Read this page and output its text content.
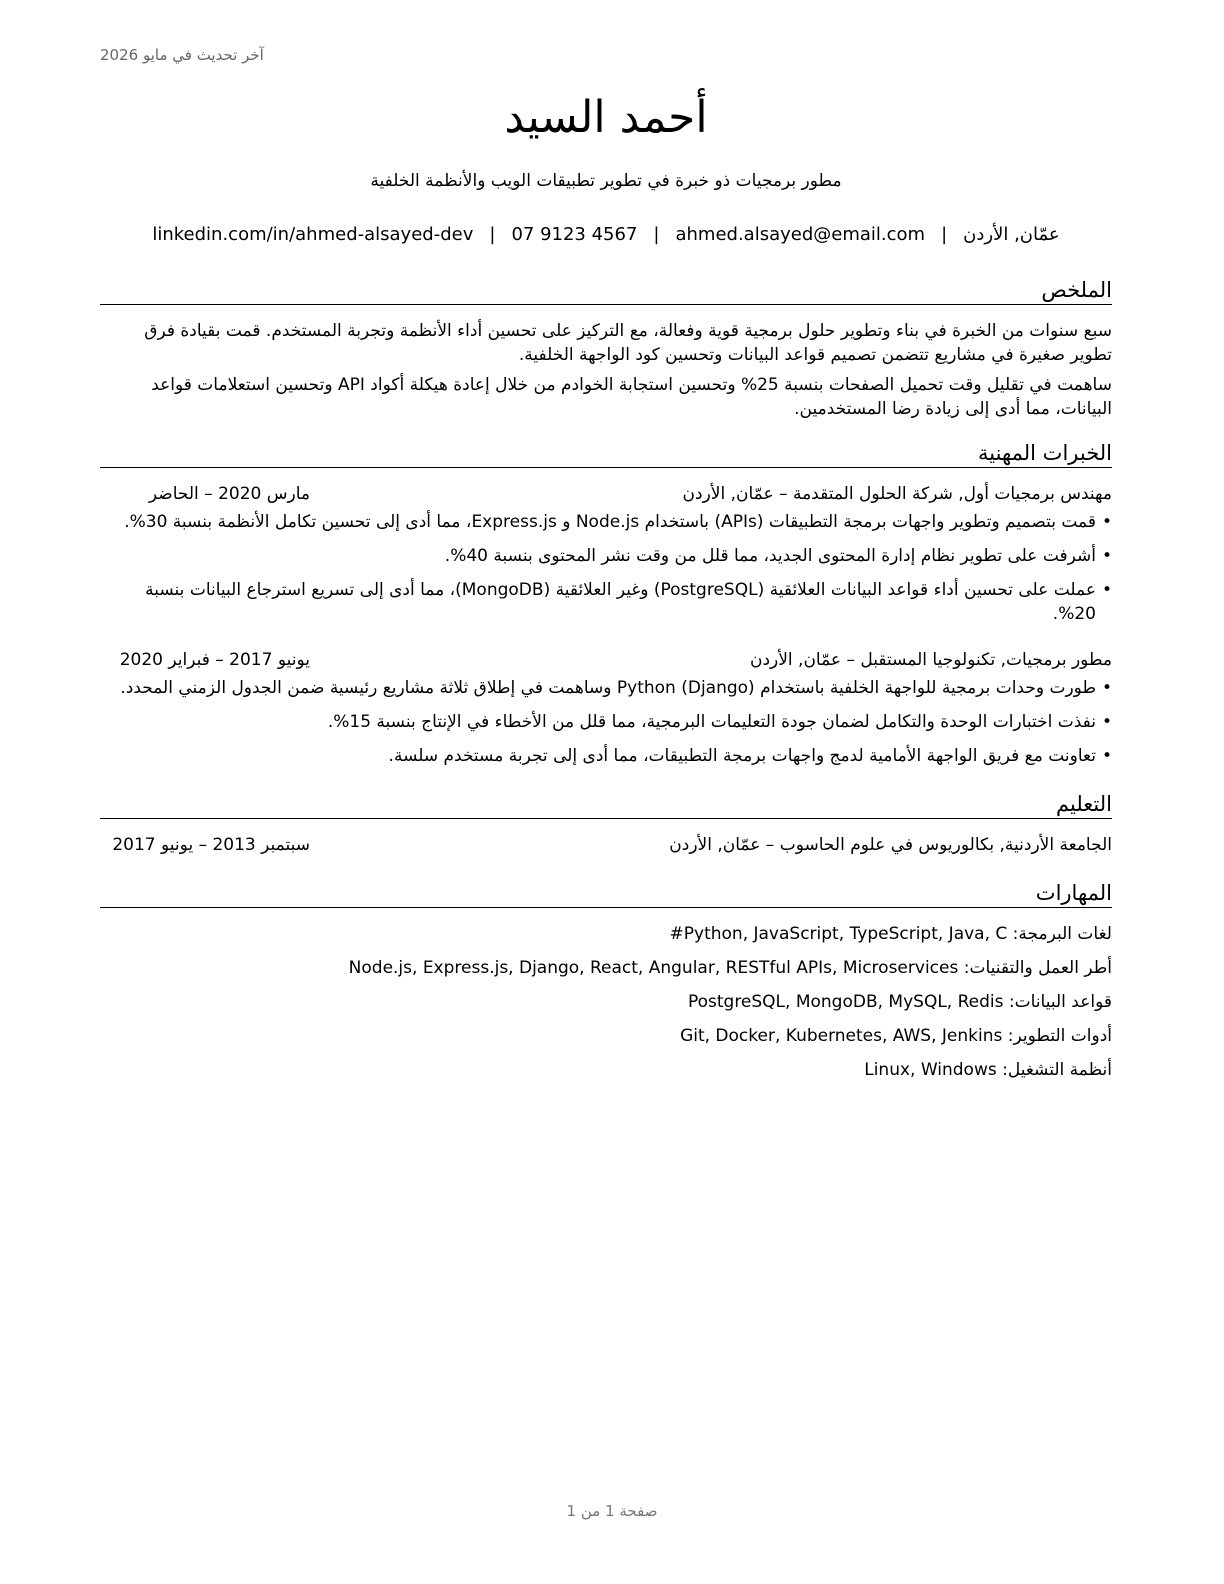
آخر تحديث في مايو 2026
أحمد السيد
مطور برمجيات ذو خبرة في تطوير تطبيقات الويب والأنظمة الخلفية
عمّان, الأردن
|
ahmed.alsayed@email.com
|
07 9123 4567
|
linkedin.com/in/ahmed-alsayed-dev
الملخص

سبع سنوات من الخبرة في بناء وتطوير حلول برمجية قوية وفعالة، مع التركيز على تحسين أداء الأنظمة وتجربة المستخدم. قمت بقيادة فرق تطوير صغيرة في مشاريع تتضمن تصميم قواعد البيانات وتحسين كود الواجهة الخلفية.

ساهمت في تقليل وقت تحميل الصفحات بنسبة 25% وتحسين استجابة الخوادم من خلال إعادة هيكلة أكواد API وتحسين استعلامات قواعد البيانات، مما أدى إلى زيادة رضا المستخدمين.

الخبرات المهنية
مهندس برمجيات أول, شركة الحلول المتقدمة – عمّان, الأردن
مارس 2020 – الحاضر
• قمت بتصميم وتطوير واجهات برمجة التطبيقات (APIs) باستخدام Node.js و Express.js، مما أدى إلى تحسين تكامل الأنظمة بنسبة 30%.
• أشرفت على تطوير نظام إدارة المحتوى الجديد، مما قلل من وقت نشر المحتوى بنسبة 40%.
• عملت على تحسين أداء قواعد البيانات العلائقية (PostgreSQL) وغير العلائقية (MongoDB)، مما أدى إلى تسريع استرجاع البيانات بنسبة 20%.
مطور برمجيات, تكنولوجيا المستقبل – عمّان, الأردن
يونيو 2017 – فبراير 2020
• طورت وحدات برمجية للواجهة الخلفية باستخدام Python (Django) وساهمت في إطلاق ثلاثة مشاريع رئيسية ضمن الجدول الزمني المحدد.
• نفذت اختبارات الوحدة والتكامل لضمان جودة التعليمات البرمجية، مما قلل من الأخطاء في الإنتاج بنسبة 15%.
• تعاونت مع فريق الواجهة الأمامية لدمج واجهات برمجة التطبيقات، مما أدى إلى تجربة مستخدم سلسة.
التعليم
الجامعة الأردنية, بكالوريوس في علوم الحاسوب – عمّان, الأردن
سبتمبر 2013 – يونيو 2017
المهارات
لغات البرمجة: Python, JavaScript, TypeScript, Java, C#
أطر العمل والتقنيات: Node.js, Express.js, Django, React, Angular, RESTful APIs, Microservices
قواعد البيانات: PostgreSQL, MongoDB, MySQL, Redis
أدوات التطوير: Git, Docker, Kubernetes, AWS, Jenkins
أنظمة التشغيل: Linux, Windows
صفحة 1 من 1
